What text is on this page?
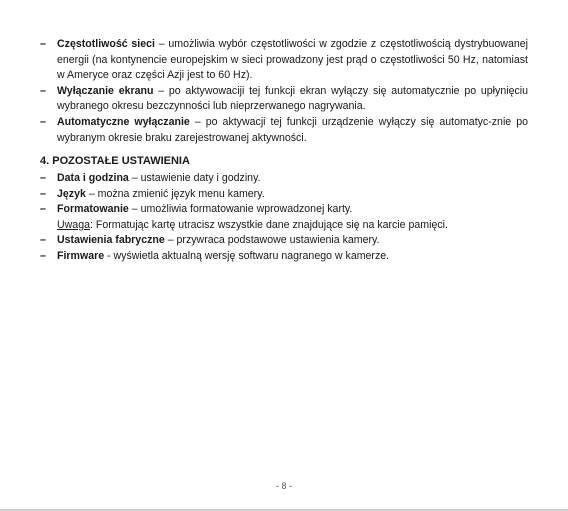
– Częstotliwość sieci – umożliwia wybór częstotliwości w zgodzie z częstotliwością dystrybuowanej energii (na kontynencie europejskim w sieci prowadzony jest prąd o częstotliwości 50 Hz, natomiast w Ameryce oraz części Azji jest to 60 Hz).
– Wyłączanie ekranu – po aktywowaciji tej funkcji ekran wyłączy się automatycznie po upłynięciu wybranego okresu bezczynności lub nieprzerwanego nagrywania.
– Automatyczne wyłączanie – po aktywacji tej funkcji urządzenie wyłączy się automatyc-znie po wybranym okresie braku zarejestrowanej aktywności.
4. POZOSTAŁE USTAWIENIA
– Data i godzina – ustawienie daty i godziny.
– Język – można zmienić język menu kamery.
– Formatowanie – umożliwia formatowanie wprowadzonej karty.
Uwaga: Formatując kartę utracisz wszystkie dane znajdujące się na karcie pamięci.
– Ustawienia fabryczne – przywraca podstawowe ustawienia kamery.
– Firmware - wyświetla aktualną wersję softwaru nagranego w kamerze.
- 8 -
